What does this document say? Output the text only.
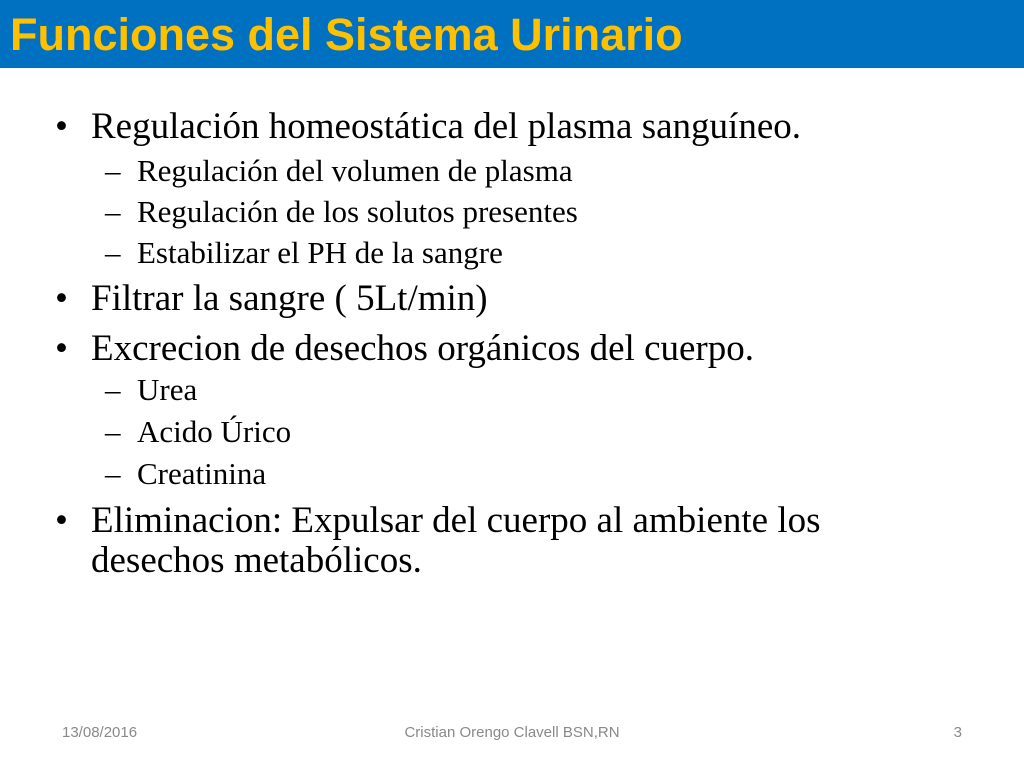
Funciones del Sistema Urinario
• Regulación homeostática del plasma sanguíneo.
– Regulación del volumen de plasma
– Regulación de los solutos presentes
– Estabilizar el PH de la sangre
• Filtrar la sangre ( 5Lt/min)
• Excrecion de desechos orgánicos del cuerpo.
– Urea
– Acido Úrico
– Creatinina
• Eliminacion: Expulsar del cuerpo al ambiente los desechos metabólicos.
13/08/2016	Cristian Orengo Clavell BSN,RN	3
